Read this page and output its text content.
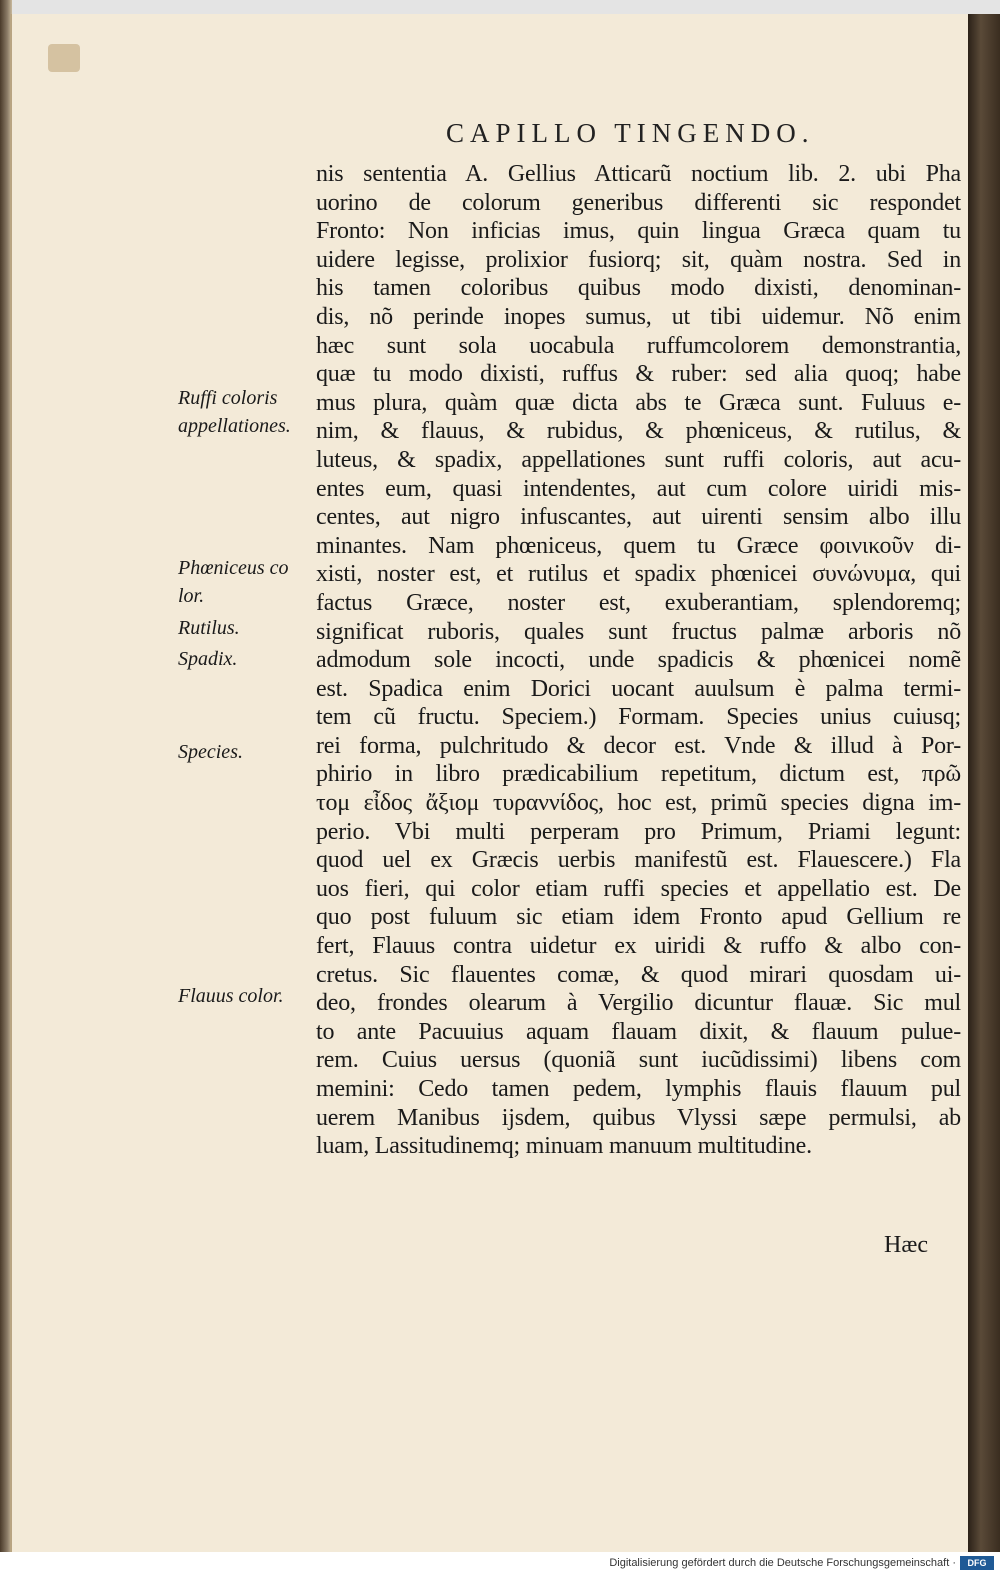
CAPILLO TINGENDO.
nis sententia A. Gellius Atticarũ noctium lib. 2. ubi Pha
uorino de colorum generibus differenti sic respondet
Fronto: Non inficias imus, quin lingua Græca quam tu
uidere legisse, prolixior fusiorq; sit, quàm nostra. Sed in
his tamen coloribus quibus modo dixisti, denominan-
dis, nõ perinde inopes sumus, ut tibi uidemur. Nõ enim
hæc sunt sola uocabula ruffumcolorem demonstrantia,
quæ tu modo dixisti, ruffus & ruber: sed alia quoq; habe
mus plura, quàm quæ dicta abs te Græca sunt. Fuluus e-
nim, & flauus, & rubidus, & phœniceus, & rutilus, &
luteus, & spadix, appellationes sunt ruffi coloris, aut acu-
entes eum, quasi intendentes, aut cum colore uiridi mis-
centes, aut nigro infuscantes, aut uirenti sensim albo illu
minantes. Nam phœniceus, quem tu Græce φοινικοῦν di-
xisti, noster est, et rutilus et spadix phœnicei συνώνυμα, qui
factus Græce, noster est, exuberantiam, splendoremq;
significat ruboris, quales sunt fructus palmæ arboris nõ
admodum sole incocti, unde spadicis & phœnicei nomẽ
est. Spadica enim Dorici uocant auulsum è palma termi-
tem cũ fructu. Speciem.) Formam. Species unius cuiusq;
rei forma, pulchritudo & decor est. Vnde & illud à Por-
phirio in libro prædicabilium repetitum, dictum est, πρῶ
τομ εἶδος ἄξιομ τυραννίδος, hoc est, primũ species digna im-
perio. Vbi multi perperam pro Primum, Priami legunt:
quod uel ex Græcis uerbis manifestũ est. Flauescere.) Fla
uos fieri, qui color etiam ruffi species et appellatio est. De
quo post fuluum sic etiam idem Fronto apud Gellium re
fert, Flauus contra uidetur ex uiridi & ruffo & albo con-
cretus. Sic flauentes comæ, & quod mirari quosdam ui-
deo, frondes olearum à Vergilio dicuntur flauæ. Sic mul
to ante Pacuuius aquam flauam dixit, & flauum pulue-
rem. Cuius uersus (quoniã sunt iucũdissimi) libens com
memini: Cedo tamen pedem, lymphis flauis flauum pul
uerem Manibus ijsdem, quibus Vlyssi sæpe permulsi, ab
luam, Lassitudinemq; minuam manuum multitudine.
Hæc
Ruffi coloris
appellationes.
Phœniceus co
lor.
Rutilus.
Spadix.
Species.
Flauus color.
Digitalisierung gefördert durch die Deutsche Forschungsgemeinschaft ·	DFG
